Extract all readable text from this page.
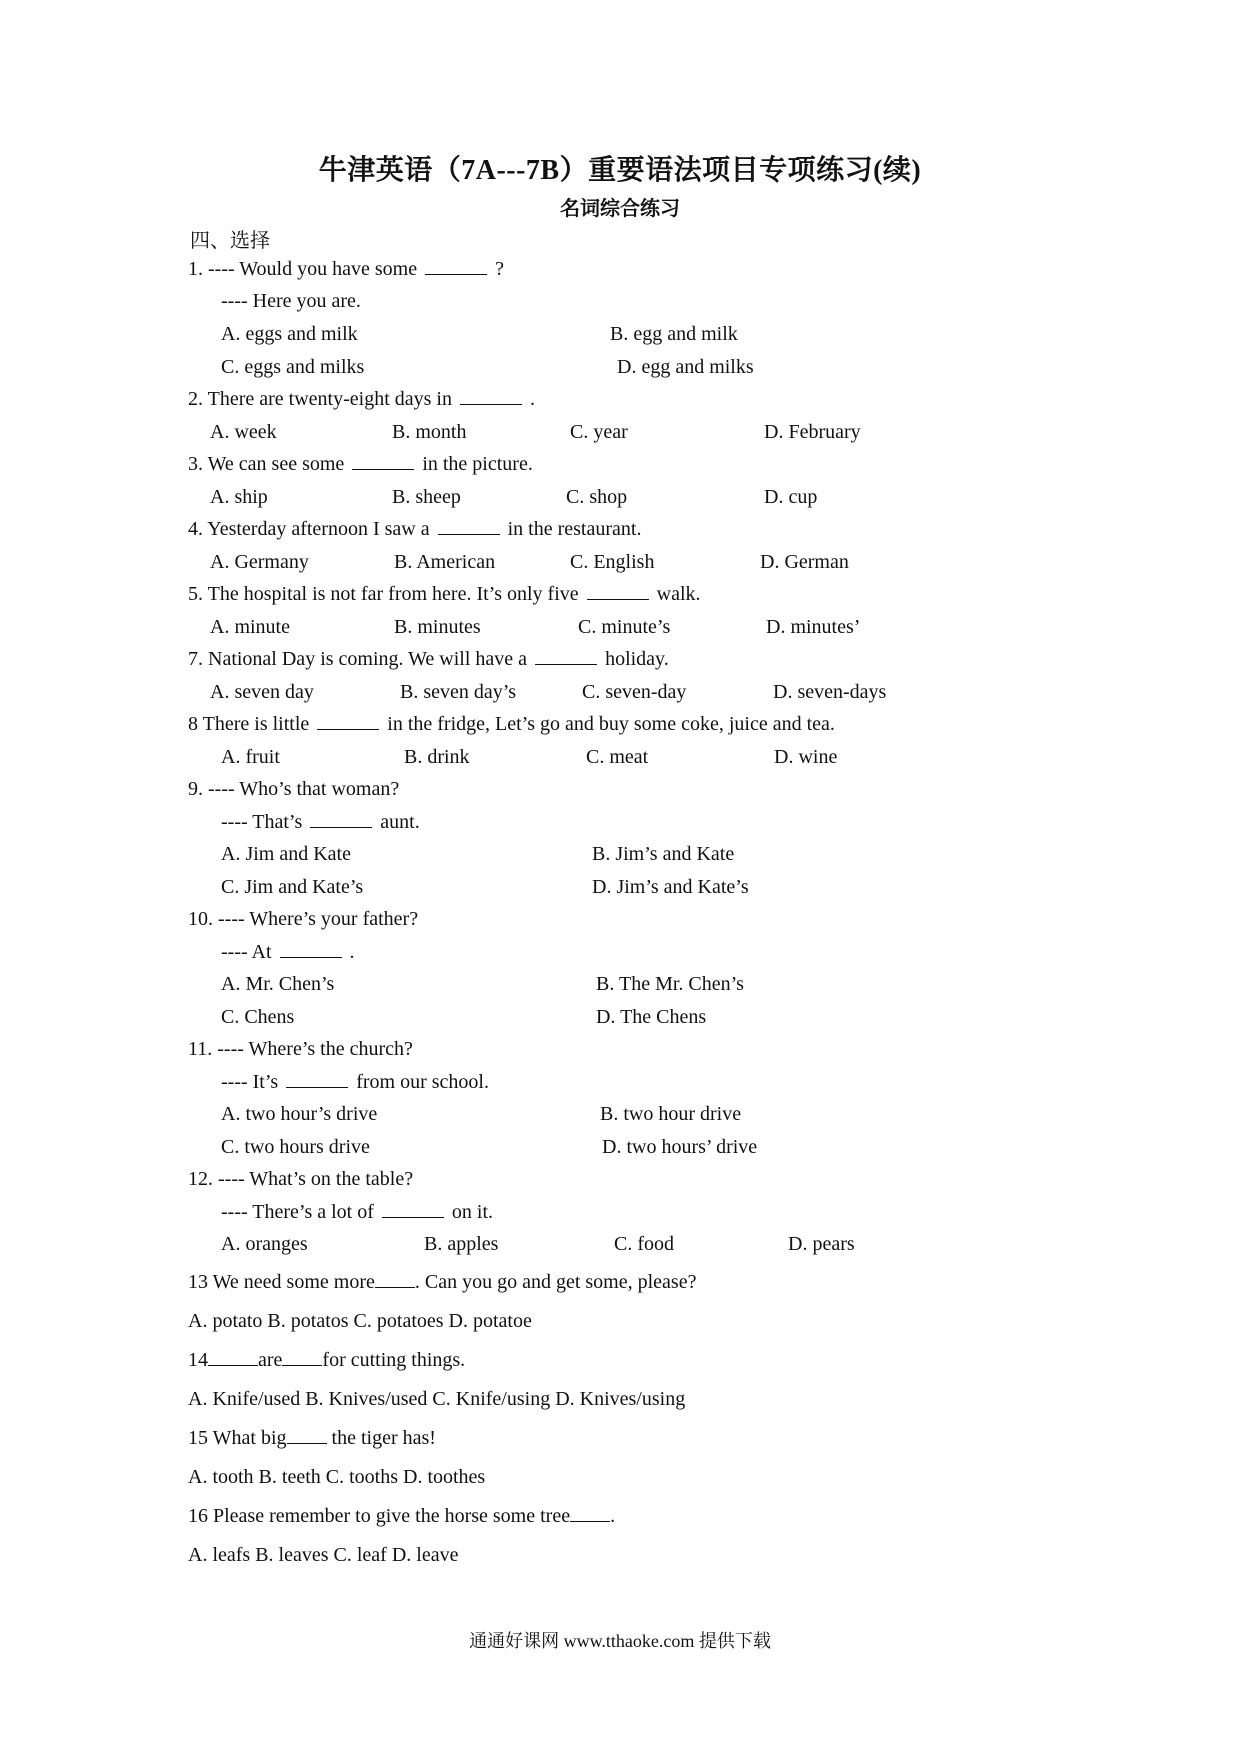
牛津英语（7A---7B）重要语法项目专项练习(续)
名词综合练习
四、选择
1. ---- Would you have some	?
---- Here you are.
A. eggs and milk	B. egg and milk
C. eggs and milks	D. egg and milks
2. There are twenty-eight days in	.
A. week	B. month	C. year	D. February
3. We can see some	in the picture.
A. ship	B. sheep	C. shop	D. cup
4. Yesterday afternoon I saw a	in the restaurant.
A. Germany	B. American	C. English	D. German
5. The hospital is not far from here. It’s only five	walk.
A. minute	B. minutes	C. minute’s	D. minutes’
7. National Day is coming. We will have a	holiday.
A. seven day	B. seven day’s	C. seven-day	D. seven-days
8 There is little	in the fridge, Let’s go and buy some coke, juice and tea.
A. fruit	B. drink	C. meat	D. wine
9. ---- Who’s that woman?
---- That’s	aunt.
A. Jim and Kate	B. Jim’s and Kate
C. Jim and Kate’s	D. Jim’s and Kate’s
10. ---- Where’s your father?
---- At	.
A. Mr. Chen’s	B. The Mr. Chen’s
C. Chens	D. The Chens
11. ---- Where’s the church?
---- It’s	from our school.
A. two hour’s drive	B. two hour drive
C. two hours drive	D. two hours’ drive
12. ---- What’s on the table?
---- There’s a lot of	on it.
A. oranges	B. apples	C. food	D. pears
13 We need some more . Can you go and get some, please?
A. potato B. potatos C. potatoes D. potatoe
14	are for cutting things.
A. Knife/used B. Knives/used C. Knife/using D. Knives/using
15 What big the tiger has!
A. tooth B. teeth C. tooths D. toothes
16 Please remember to give the horse some tree .
A. leafs B. leaves C. leaf D. leave
通通好课网 www.tthaoke.com 提供下载
